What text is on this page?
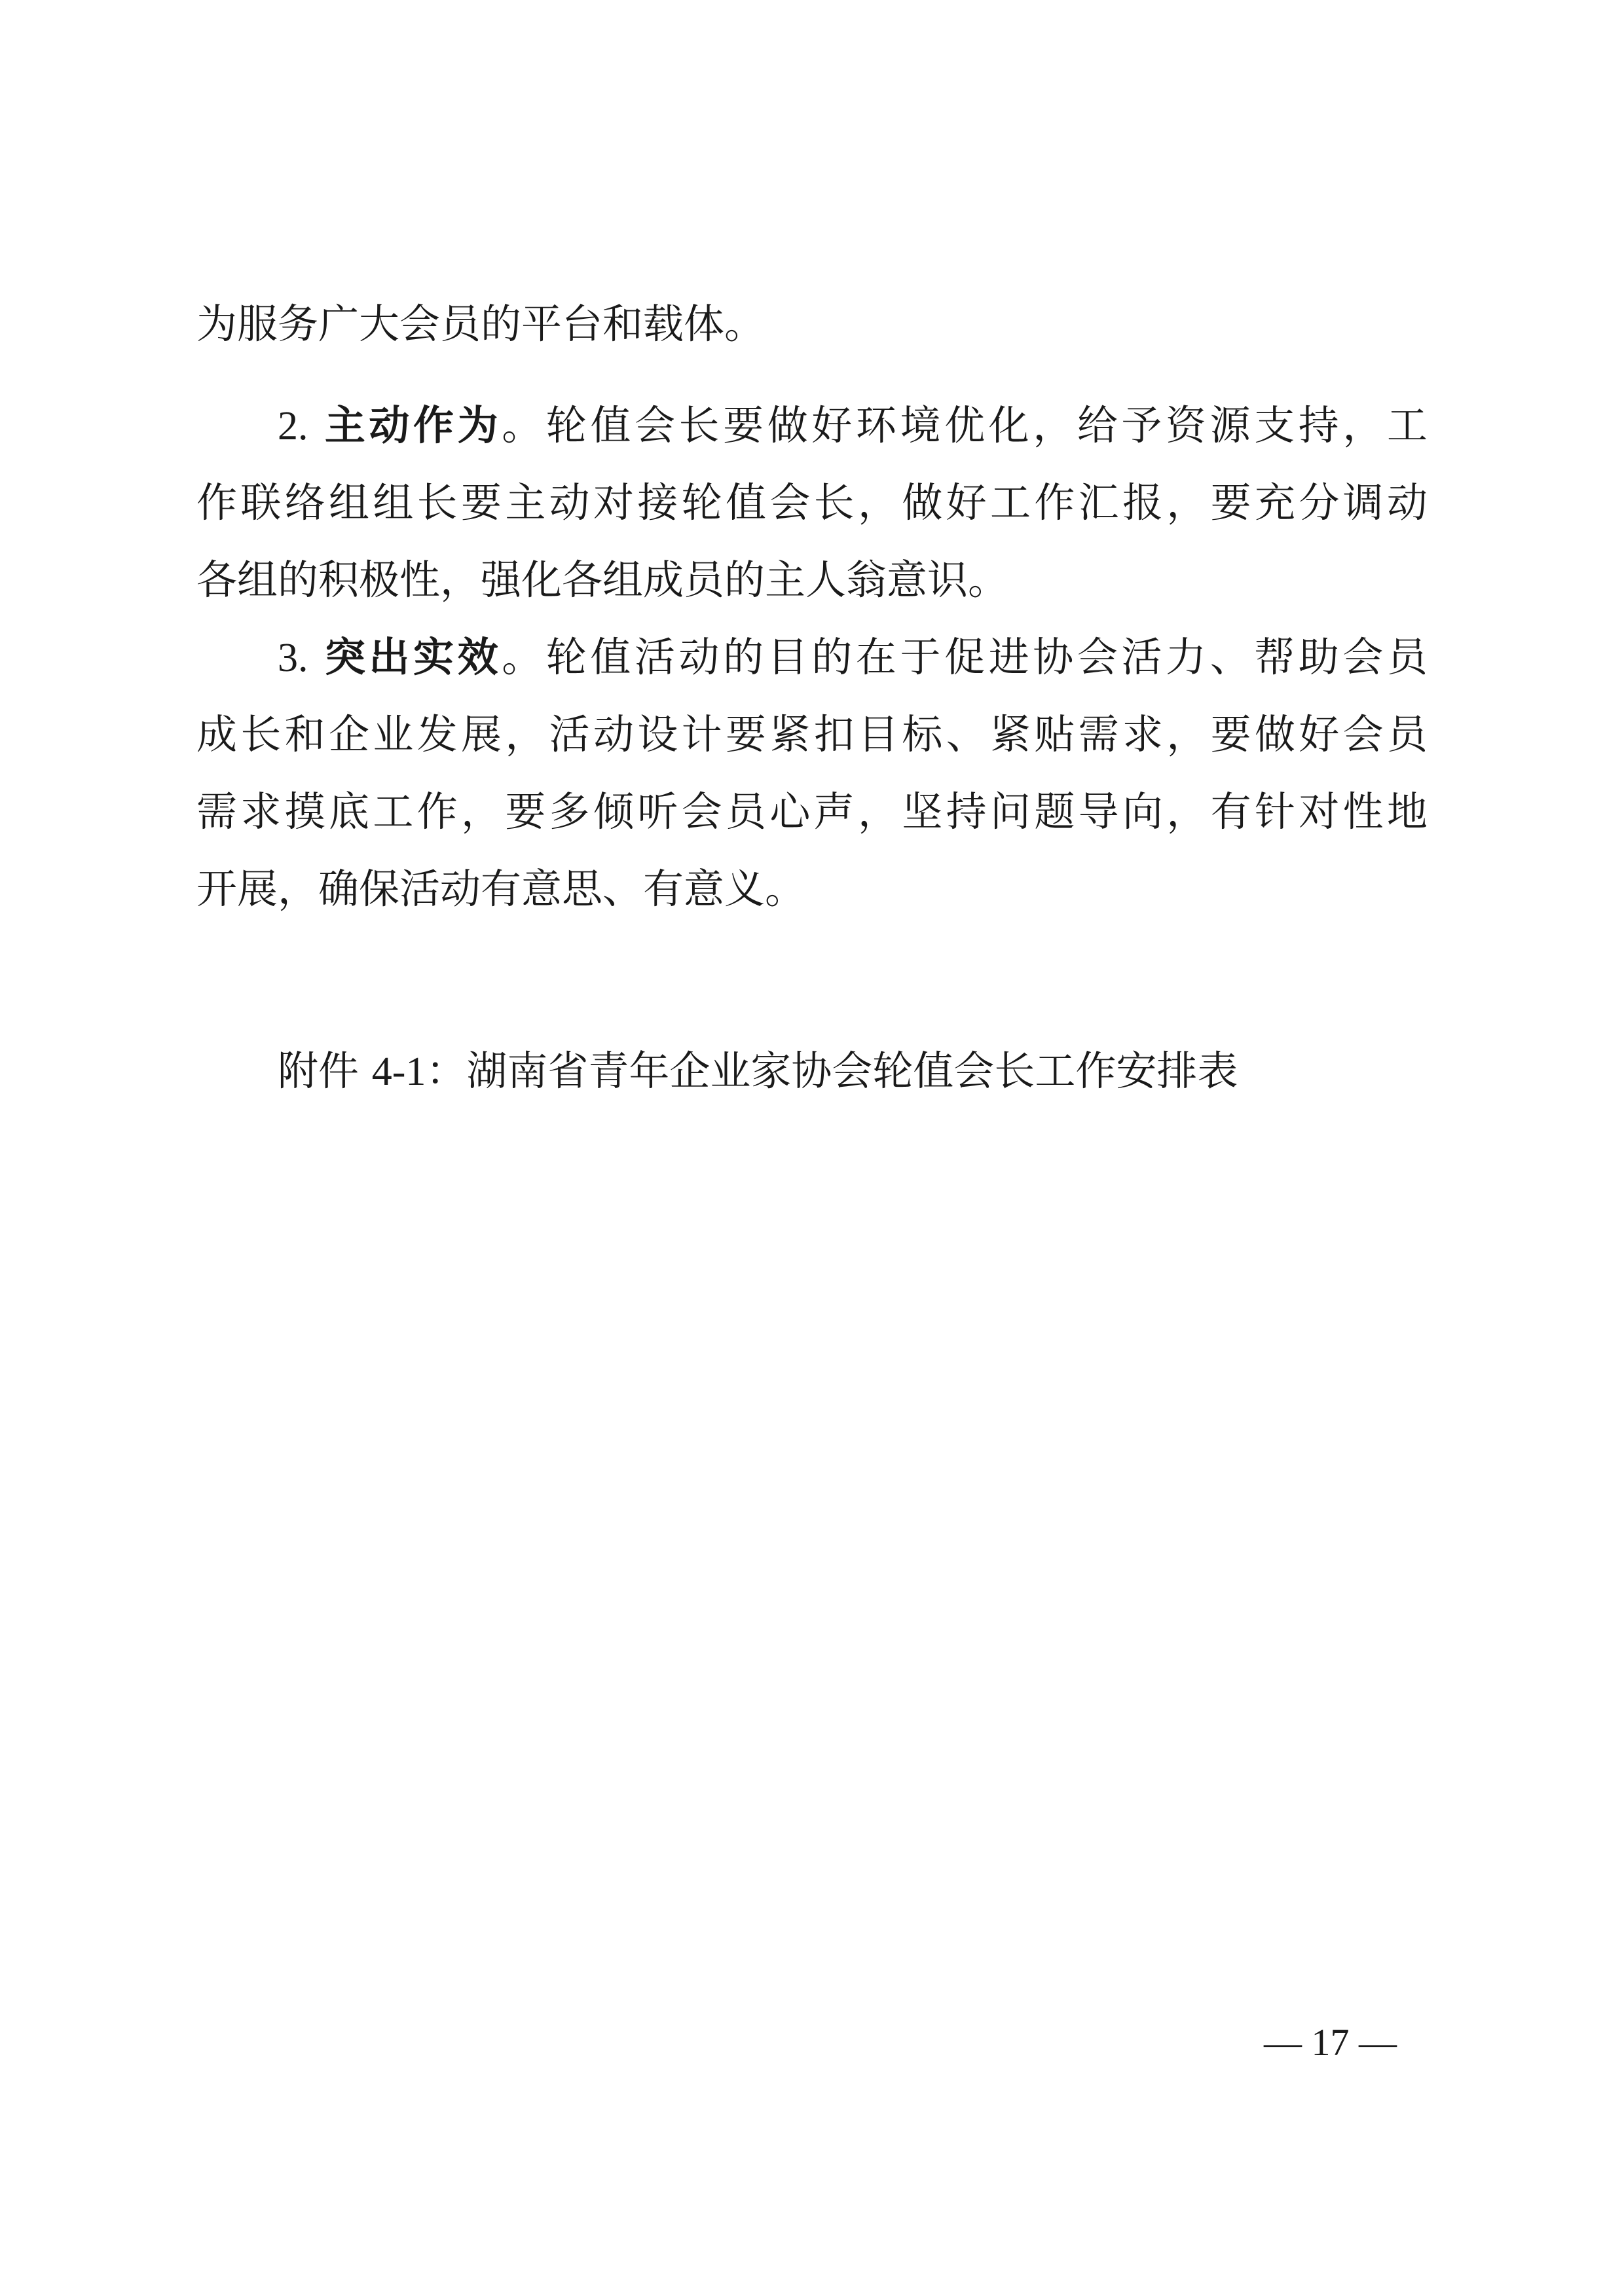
为服务广大会员的平台和载体。
2. 主动作为。轮值会长要做好环境优化，给予资源支持，工
作联络组组长要主动对接轮值会长，做好工作汇报，要充分调动
各组的积极性，强化各组成员的主人翁意识。
3. 突出实效。轮值活动的目的在于促进协会活力、帮助会员
成长和企业发展，活动设计要紧扣目标、紧贴需求，要做好会员
需求摸底工作，要多倾听会员心声，坚持问题导向，有针对性地
开展，确保活动有意思、有意义。
附件 4-1：湖南省青年企业家协会轮值会长工作安排表
— 17 —
